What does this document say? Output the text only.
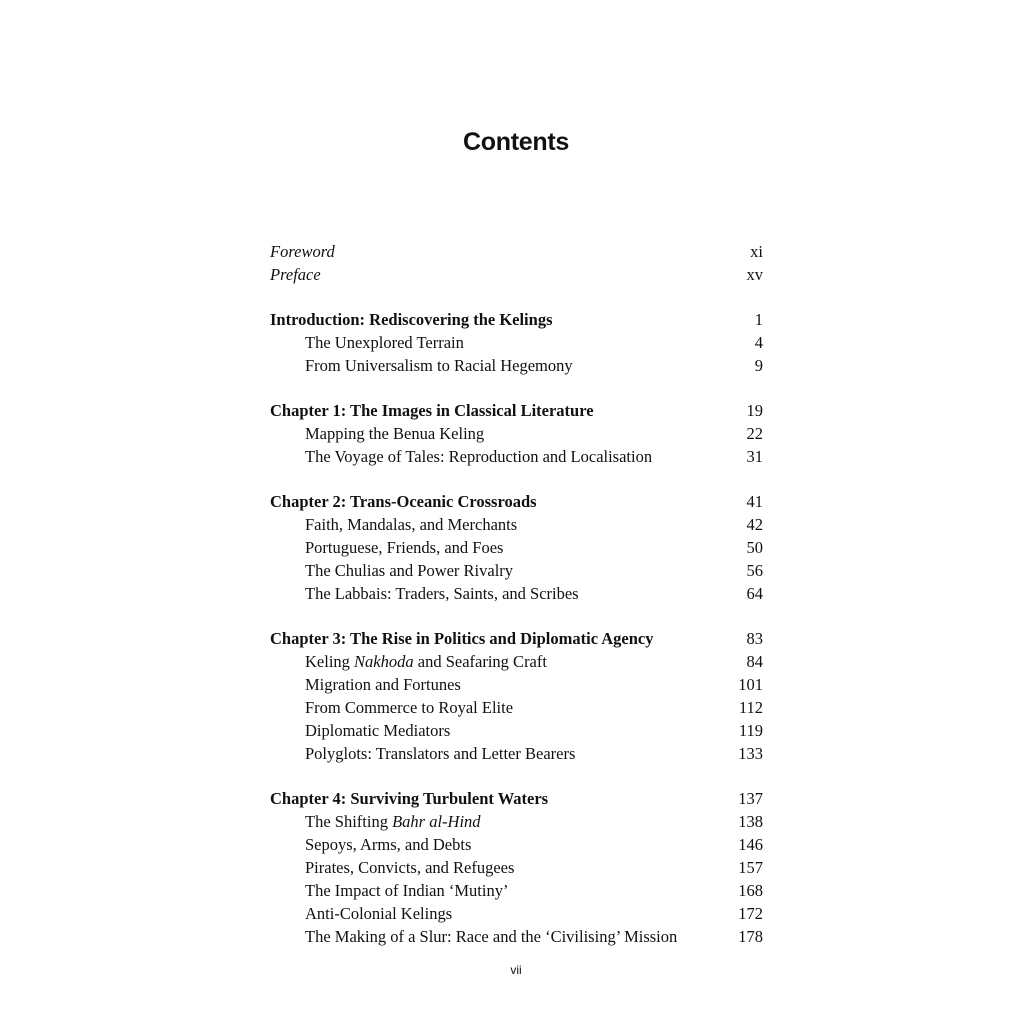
Contents
Foreword	xi
Preface	xv
Introduction: Rediscovering the Kelings	1
The Unexplored Terrain	4
From Universalism to Racial Hegemony	9
Chapter 1: The Images in Classical Literature	19
Mapping the Benua Keling	22
The Voyage of Tales: Reproduction and Localisation	31
Chapter 2: Trans-Oceanic Crossroads	41
Faith, Mandalas, and Merchants	42
Portuguese, Friends, and Foes	50
The Chulias and Power Rivalry	56
The Labbais: Traders, Saints, and Scribes	64
Chapter 3: The Rise in Politics and Diplomatic Agency	83
Keling Nakhoda and Seafaring Craft	84
Migration and Fortunes	101
From Commerce to Royal Elite	112
Diplomatic Mediators	119
Polyglots: Translators and Letter Bearers	133
Chapter 4: Surviving Turbulent Waters	137
The Shifting Bahr al-Hind	138
Sepoys, Arms, and Debts	146
Pirates, Convicts, and Refugees	157
The Impact of Indian ‘Mutiny’	168
Anti-Colonial Kelings	172
The Making of a Slur: Race and the ‘Civilising’ Mission	178
vii
